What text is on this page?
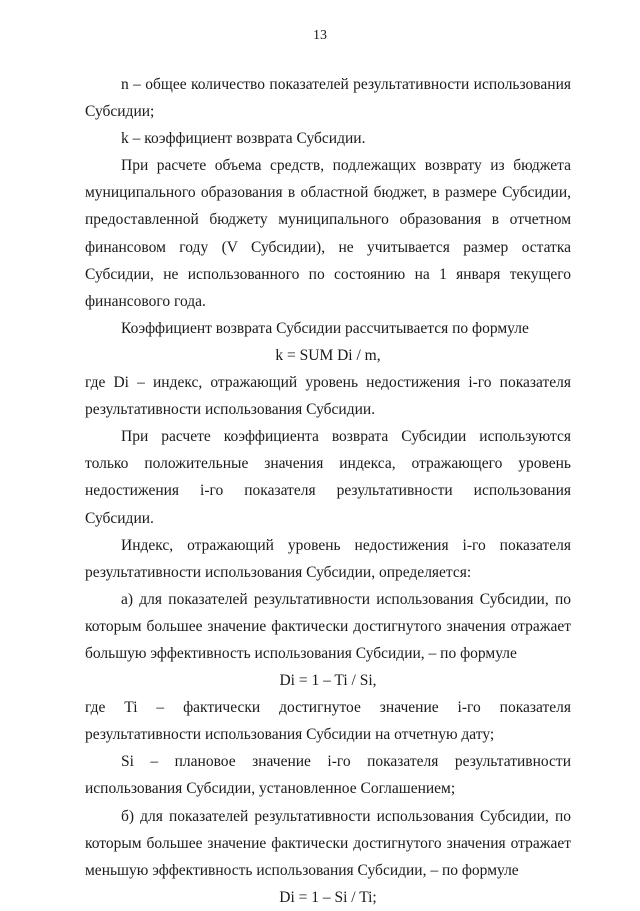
13

n – общее количество показателей результативности использования Субсидии;

k – коэффициент возврата Субсидии.

При расчете объема средств, подлежащих возврату из бюджета муниципального образования в областной бюджет, в размере Субсидии, предоставленной бюджету муниципального образования в отчетном финансовом году (V Субсидии), не учитывается размер остатка Субсидии, не использованного по состоянию на 1 января текущего финансового года.

Коэффициент возврата Субсидии рассчитывается по формуле

k = SUM Di / m,

где Di – индекс, отражающий уровень недостижения i-го показателя результативности использования Субсидии.

При расчете коэффициента возврата Субсидии используются только положительные значения индекса, отражающего уровень недостижения i-го показателя результативности использования Субсидии.

Индекс, отражающий уровень недостижения i-го показателя результативности использования Субсидии, определяется:

а) для показателей результативности использования Субсидии, по которым большее значение фактически достигнутого значения отражает большую эффективность использования Субсидии, – по формуле

Di = 1 – Ti / Si,

где Ti – фактически достигнутое значение i-го показателя результативности использования Субсидии на отчетную дату;

Si – плановое значение i-го показателя результативности использования Субсидии, установленное Соглашением;

б) для показателей результативности использования Субсидии, по которым большее значение фактически достигнутого значения отражает меньшую эффективность использования Субсидии, – по формуле

Di = 1 – Si / Ti;
